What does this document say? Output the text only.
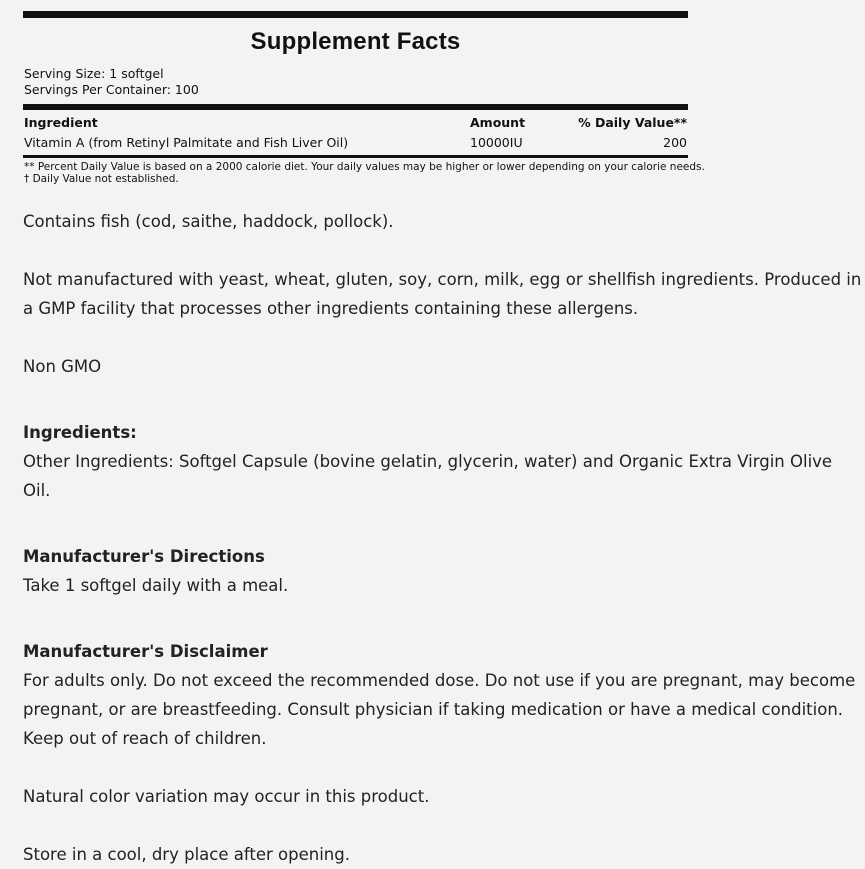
Supplement Facts
Serving Size: 1 softgel
Servings Per Container: 100
Ingredient	Amount	% Daily Value**
Vitamin A (from Retinyl Palmitate and Fish Liver Oil)	10000IU	200
** Percent Daily Value is based on a 2000 calorie diet. Your daily values may be higher or lower depending on your calorie needs.
† Daily Value not established.

Contains fish (cod, saithe, haddock, pollock).

Not manufactured with yeast, wheat, gluten, soy, corn, milk, egg or shellfish ingredients. Produced in a GMP facility that processes other ingredients containing these allergens.

Non GMO

Ingredients:

Other Ingredients: Softgel Capsule (bovine gelatin, glycerin, water) and Organic Extra Virgin Olive Oil.

Manufacturer's Directions

Take 1 softgel daily with a meal.

Manufacturer's Disclaimer

For adults only. Do not exceed the recommended dose. Do not use if you are pregnant, may become pregnant, or are breastfeeding. Consult physician if taking medication or have a medical condition. Keep out of reach of children.

Natural color variation may occur in this product.

Store in a cool, dry place after opening.
